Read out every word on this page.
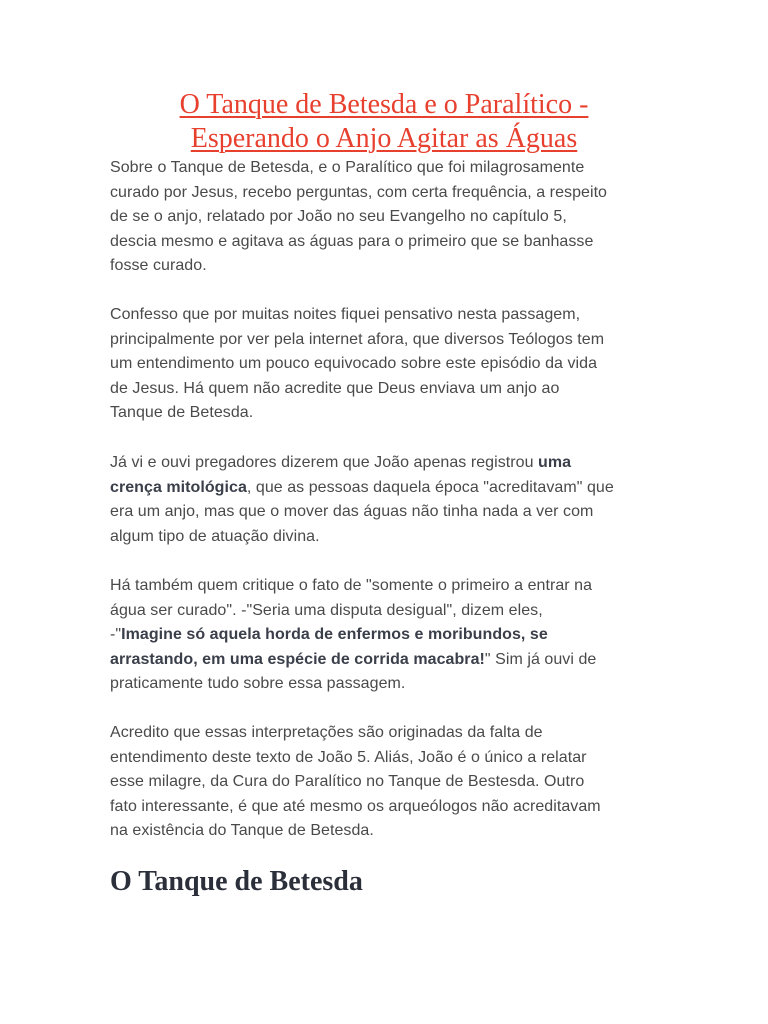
O Tanque de Betesda e o Paralítico -
Esperando o Anjo Agitar as Águas
Sobre o Tanque de Betesda, e o Paralítico que foi milagrosamente
curado por Jesus, recebo perguntas, com certa frequência, a respeito
de se o anjo, relatado por João no seu Evangelho no capítulo 5,
descia mesmo e agitava as águas para o primeiro que se banhasse
fosse curado.
Confesso que por muitas noites fiquei pensativo nesta passagem,
principalmente por ver pela internet afora, que diversos Teólogos tem
um entendimento um pouco equivocado sobre este episódio da vida
de Jesus. Há quem não acredite que Deus enviava um anjo ao
Tanque de Betesda.
Já vi e ouvi pregadores dizerem que João apenas registrou uma
crença mitológica, que as pessoas daquela época "acreditavam" que
era um anjo, mas que o mover das águas não tinha nada a ver com
algum tipo de atuação divina.
Há também quem critique o fato de "somente o primeiro a entrar na
água ser curado". -"Seria uma disputa desigual", dizem eles,
-"Imagine só aquela horda de enfermos e moribundos, se
arrastando, em uma espécie de corrida macabra!" Sim já ouvi de
praticamente tudo sobre essa passagem.
Acredito que essas interpretações são originadas da falta de
entendimento deste texto de João 5. Aliás, João é o único a relatar
esse milagre, da Cura do Paralítico no Tanque de Bestesda. Outro
fato interessante, é que até mesmo os arqueólogos não acreditavam
na existência do Tanque de Betesda.
O Tanque de Betesda
